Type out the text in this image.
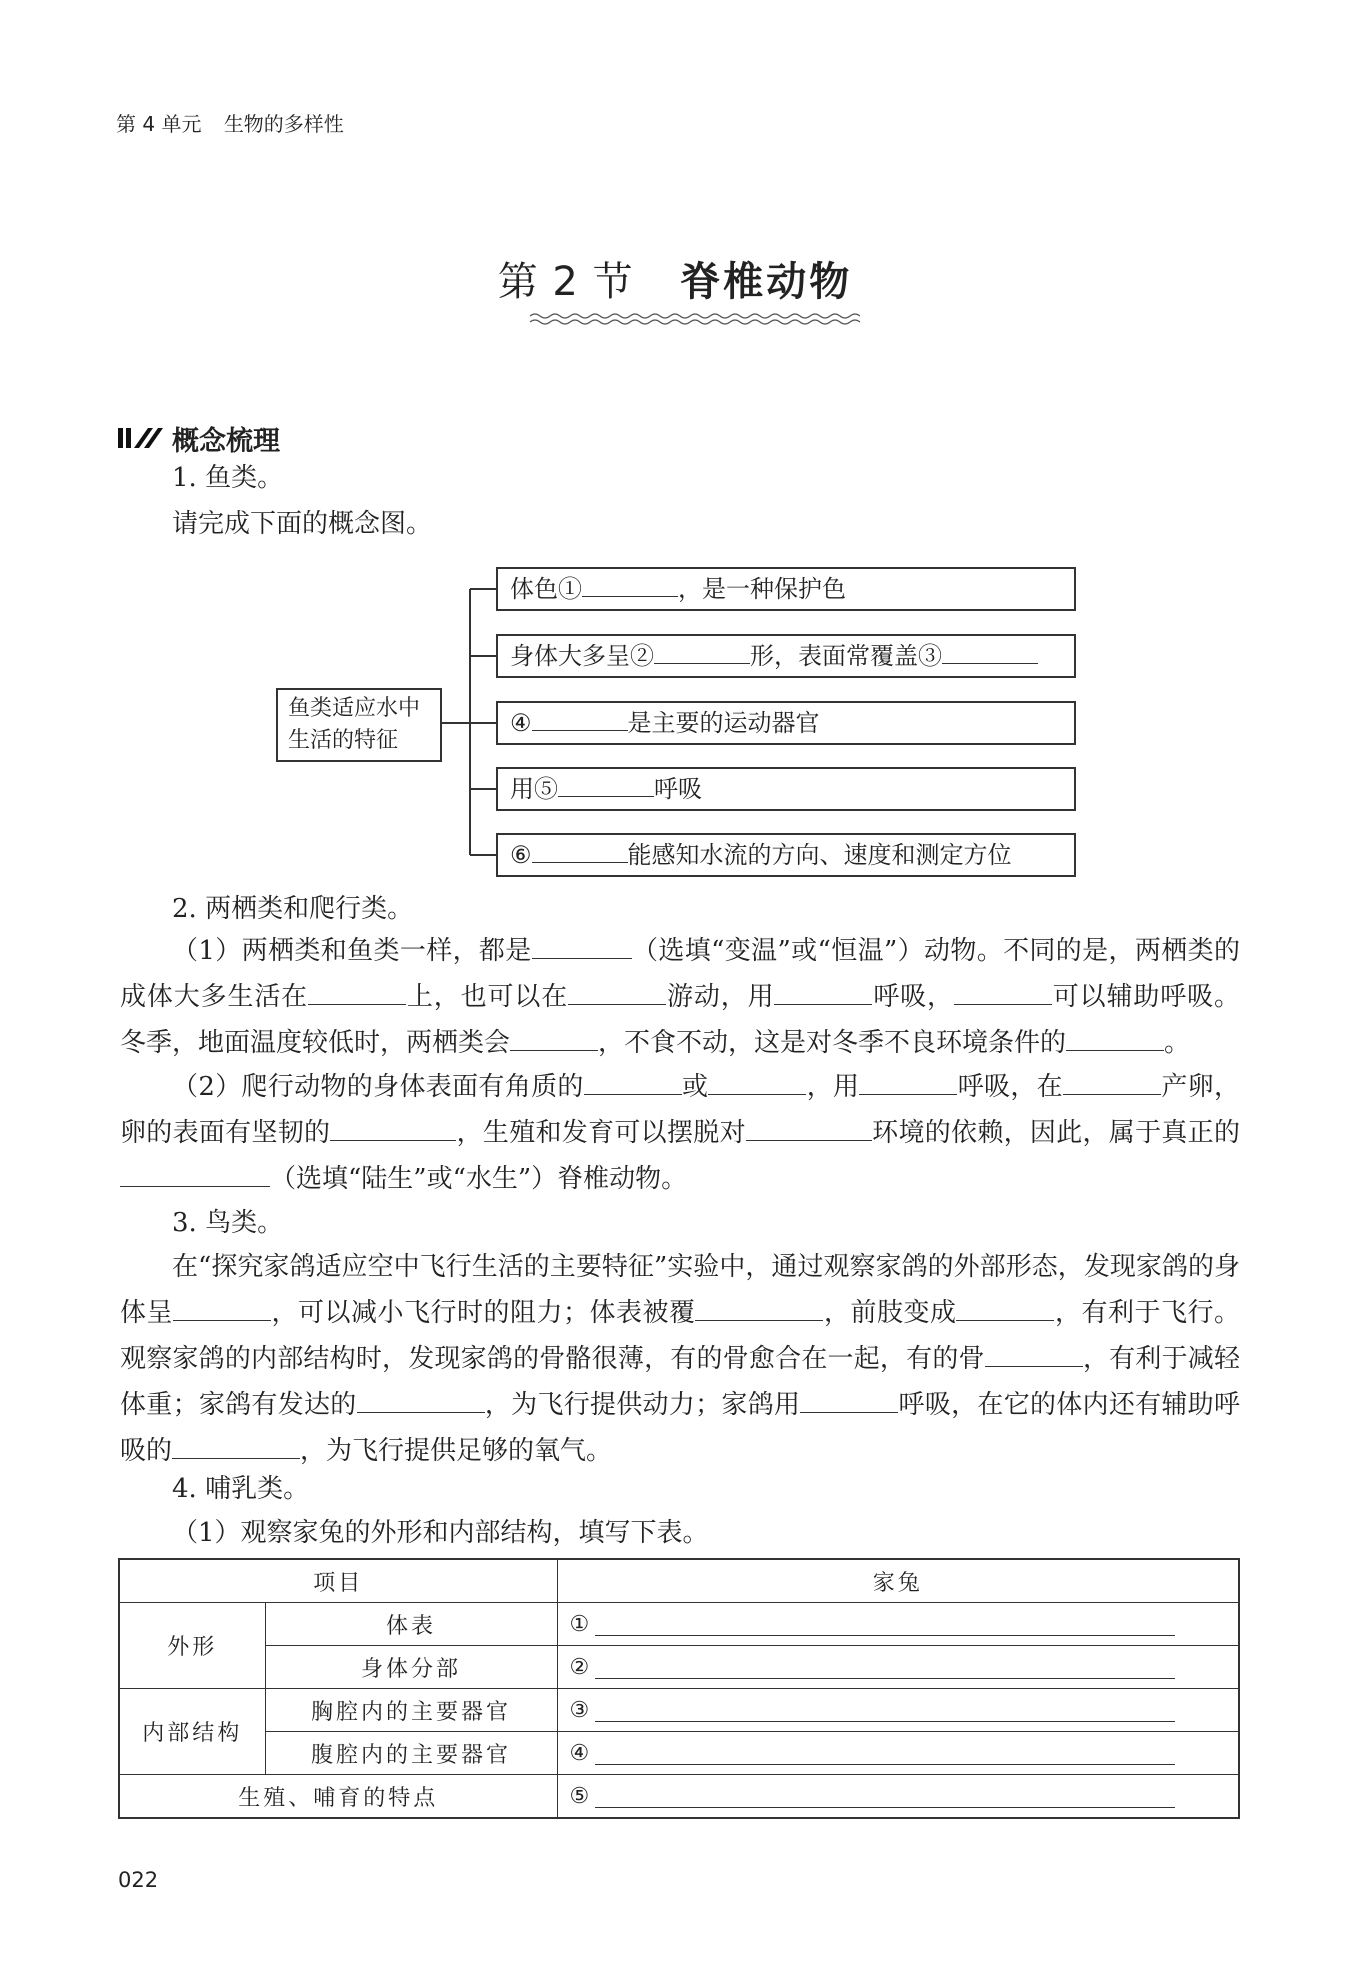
第 4 单元 生物的多样性
第 2 节 脊椎动物
概念梳理
1. 鱼类。
请完成下面的概念图。
鱼类适应水中
生活的特征
体色①	，是一种保护色
身体大多呈②	形，表面常覆盖③
④	是主要的运动器官
用⑤	呼吸
⑥	能感知水流的方向、速度和测定方位
2. 两栖类和爬行类。
（1）两栖类和鱼类一样，都是	（选填“变温”或“恒温”）动物。不同的是，两栖类的成体大多生活在	上，也可以在	游动，用	呼吸，	可以辅助呼吸。冬季，地面温度较低时，两栖类会	，不食不动，这是对冬季不良环境条件的	。
（2）爬行动物的身体表面有角质的	或	，用	呼吸，在	产卵，卵的表面有坚韧的	，生殖和发育可以摆脱对	环境的依赖，因此，属于真正的（选填“陆生”或“水生”）脊椎动物。
3. 鸟类。
在“探究家鸽适应空中飞行生活的主要特征”实验中，通过观察家鸽的外部形态，发现家鸽的身体呈	，可以减小飞行时的阻力；体表被覆	，前肢变成	，有利于飞行。观察家鸽的内部结构时，发现家鸽的骨骼很薄，有的骨愈合在一起，有的骨	，有利于减轻体重；家鸽有发达的	，为飞行提供动力；家鸽用	呼吸，在它的体内还有辅助呼吸的	，为飞行提供足够的氧气。
4. 哺乳类。
（1）观察家兔的外形和内部结构，填写下表。
项目		家兔
外形	体表	①
	身体分部	②
内部结构	胸腔内的主要器官	③
	腹腔内的主要器官	④
生殖、哺育的特点		⑤
022
